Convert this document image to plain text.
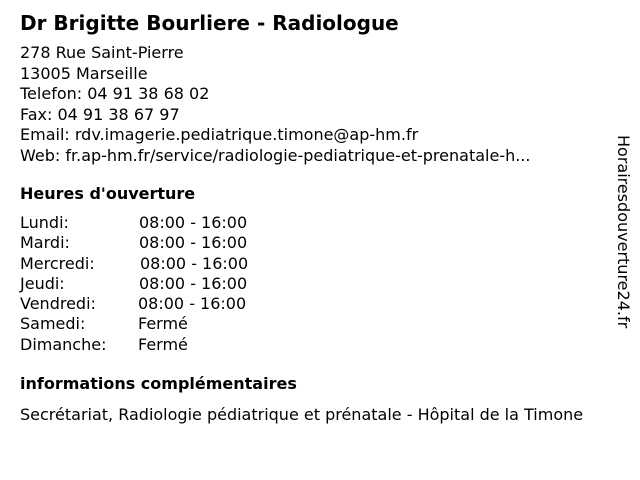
Dr Brigitte Bourliere - Radiologue
278 Rue Saint-Pierre
13005 Marseille
Telefon: 04 91 38 68 02
Fax: 04 91 38 67 97
Email: rdv.imagerie.pediatrique.timone@ap-hm.fr
Web: fr.ap-hm.fr/service/radiologie-pediatrique-et-prenatale-h...
Heures d'ouverture
Lundi:	08:00 - 16:00
Mardi:	08:00 - 16:00
Mercredi:	08:00 - 16:00
Jeudi:	08:00 - 16:00
Vendredi:	08:00 - 16:00
Samedi:	Fermé
Dimanche: Fermé
informations complémentaires
Secrétariat, Radiologie pédiatrique et prénatale - Hôpital de la Timone
Horairesdouverture24.fr
